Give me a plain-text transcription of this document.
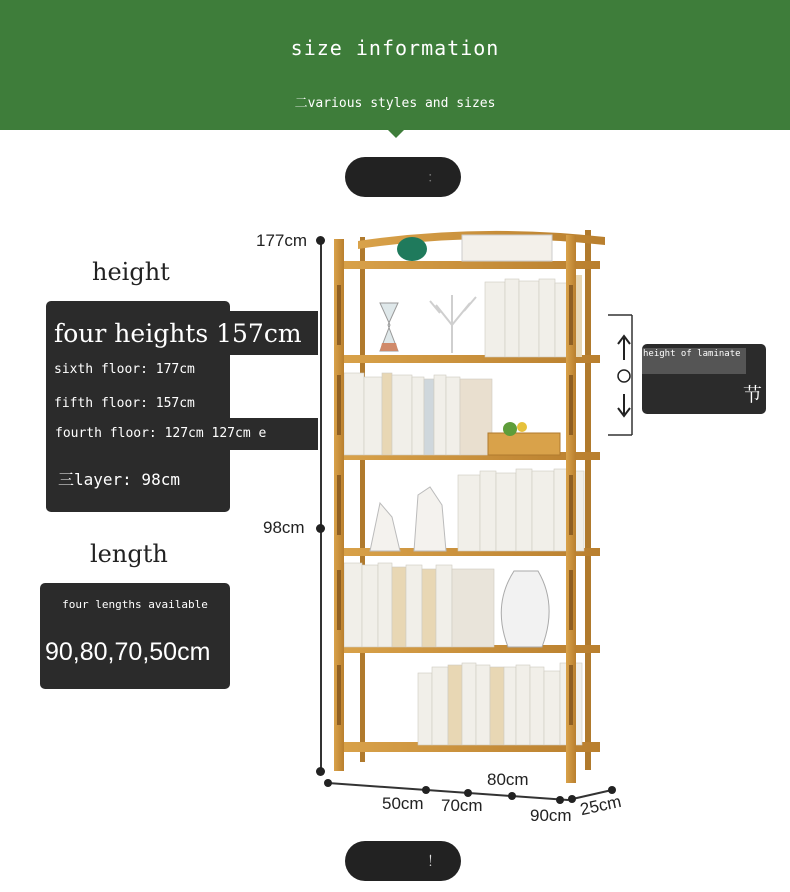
size information
二various styles and sizes
：
height
four heights 157cm
sixth floor: 177cm
fifth floor: 157cm
fourth floor: 127cm 127cm e
三layer: 98cm
length
four lengths available
90,80,70,50cm
height of laminate
节
177cm
98cm
80cm
50cm 70cm
90cm 25cm
！
